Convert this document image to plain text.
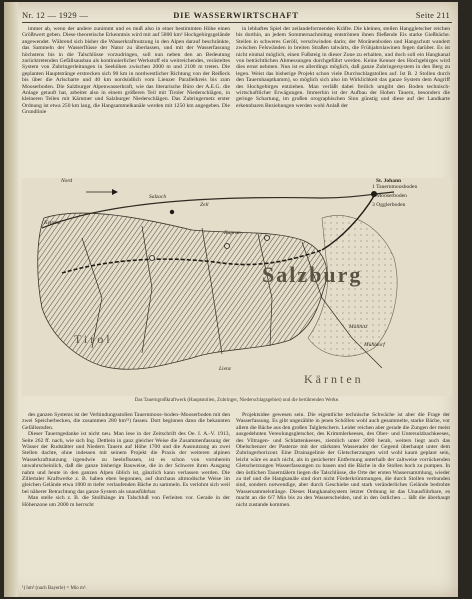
Nr. 12 — 1929 —	DIE WASSERWIRTSCHAFT	Seite 211

immer ab, wenn der andere zunimmt und es muß also in einer bestimmten Höhe einen Größtwert geben. Diese theoretische Erkenntnis wird mit auf 5800 km² Hochgebirgsgelände angewendet. Während sich bisher die Wasserkraftnutzung in den Alpen darauf beschränkte, das Sammeln der Wasserflüsse der Natur zu überlassen, und mit der Wasserfassung höchstens bis in die Talschlüsse vorzudringen, soll nun neben den an Bedeutung zurücktretenden Gefällsausbau als kontinuierlicher Werkstoff ein weitreichendes, verästeltes System von Zubringerleitungen in Seehöhen zwischen 2000 m und 2100 m treten. Die geplanten Hauptstränge erstrecken sich 90 km in nordwestlicher Richtung von der Reißeck bis über die Arlscharte und 40 km nordsüdlich vom Lienzer Parallelkreis bis zum Mooserboden. Die Salzburger Alpenwasserkraft, wie das literarische Büro der A.E.G. die Anlage getauft hat, arbeitet also in einem größeren Teil mit Tiroler Niederschlägen, in kleineren Teilen mit Kärntner und Salzburger Niederschlägen. Das Zubringernetz erster Ordnung ist etwa 250 km lang, die Hangsammelkanäle werden mit 1250 km angegeben. Die Grundlinie

in lebhaftes Spiel der zeilandeformenden Kräfte. Die kleinen, steilen Hanggletscher reichen bis dorthin, an jedem Sommernachmittag entströmen ihnen fließende Eis starke Gießbäche. Steilen in schweres Geröll, verschwinden darin; der Moränenboden und Hangschutt wandert zwischen Felswänden in breiten Straßen talwärts, die Frühjahrslawinen fegen darüber. Es ist nicht einmal möglich, einen Fußsteig in dieser Zone zu erhalten, und doch soll ein Hangkanal von beträchtlichen Abmessungen durchgeführt werden. Keine Kenner des Hochgebirges wird dies ernst nehmen. Nun ist es allerdings möglich, daß ganze Zubringersystem in den Berg zu legen. Weist das bisherige Projekt schon viele Durchschlagstollen auf. Ist B. 2 Stollen durch den Tauernhauptkamm), so möglich sich also im Wirklichkeit das ganze System dem Angriff des Hochgebirges entziehen. Man verläßt dabei freilich umgibt den Boden technisch-wirtschaftlicher Erwägungen. Immerhin ist der Aufbau der Hohen Tauern, besonders die geringe Schartung, im großen orographischen Sinn günstig und diese auf der Landkarte erkennbaren Beziehungen werden wohl Anlaß der

Nord
Salzach
St. Johann
Krimml
Kaprun
Zell
Mallnitz
Mühldorf
Lienz
Salzburg
Tirol
Kärnten
1 Tauernmoosboden
2 Mooserboden
3 Ogglerboden
Das Tauerngroßkraftwerk (Hauptstollen, Zubringer, Niederschlagsgebiet) und die berührenden Werke.

des ganzen Systems ist der Verbindungsstollen Tauernmoos–boden–Mooserboden mit den zwei Speicherbecken, die zusammen 280 hm³¹) fassen. Dort beginnen dann die bekannten Gefällsstufen.

Dieser Tauerngedanke ist nicht neu. Man lese in der Zeitschrift des Oe. I. A.-V. 1913, Seite 262 ff. nach, wie sich Ing. Dettlein in ganz gleicher Weise die Zusammenfassung der Wässer der Rudstätter und Niedern Tauern auf Höhe 1700 und die Ausnutzung an zwei Stellen dachte, ohne indessen mit seinem Projekt die Praxis der weiteren alpinen Wasserkraftnutzung irgendwie zu beeinflussen, ist es schon von vornherein unwahrscheinlich, daß die ganze bisherige Bauweise, die in der Schwere ihren Ausgang nahm und heute in den ganzen Alpen üblich ist, gänzlich kann verlassen werden. Die Zillertaler Kraftwerke z. B. haben eben begonnen, auf durchaus altmodische Weise im gleichen Gelände etwa 1000 m tiefer verlaufenden Bäche zu sammeln. Es verlohnt sich weil bei näherer Betrachtung das ganze System als unausführbar.

Man stelle sich z. B. die Stollhänge im Talschluß von Ferleiten vor. Gerade in der Höhenzone um 2000 m herrscht

Projektsidee gewesen sein. Die eigentliche technische Schwäche ist aber die Frage der Wasserfassung. Es gibt ungezählte in jenen Schöllen wohl auch gesammelte, starke Bäche, vor allem die Bäche aus den großen Talgletschern. Leider reichen aber gerade die Zungen der meist ausgedehnten Vereolungsgletscher, des Krimmlerkeeses, des Ober- und Untersulzbachkeeses, des Viltragen- und Schlattenkeeses, ziemlich unter 2000 herab, weiters liegt auch das Obelschenzer der Pasterze mit der stärksten Wasserader der Gegend überhaupt unter dem Zubringerhorizont. Eine Drainagelinie der Gletscherzungen wird wohl kaum geplant sein, leicht wäre es auch nicht, als in gesicherter Entfernung unterhalb der zaltweise vorrückenden Gletscherzungen Wasserfassungen zu bauen und die Bäche in die Stollen hoch zu pumpen. In den östlichen Tauerntälern liegen die Talschlüsse, die Orte der ersten Wassersammlung, wieder zu tief und die Hangkanäle sind dort nicht Förderkrümmungen, die durch Stollen verbunden sind, sondern notwendige, aber durch Geschiebe und stark veränderliches Gelände bedrohte Wassersammelstränge. Dieses Hangkanalsystem letzter Ordnung ist das Unausführbare, es macht an die 6/7 Mio bis zu den Wasserscheiden, und in den östlichen ... läßt die überhaupt nicht zustande kommen.

¹) hm³ (nach Bayerle) = Mio m³.
